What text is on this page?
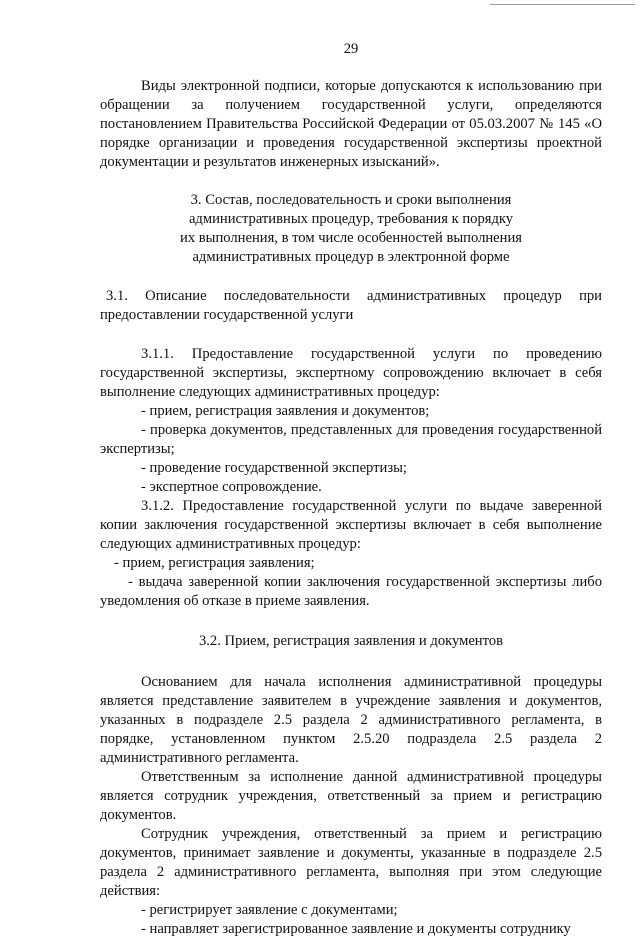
29

Виды электронной подписи, которые допускаются к использованию при обращении за получением государственной услуги, определяются постановлением Правительства Российской Федерации от 05.03.2007 № 145 «О порядке организации и проведения государственной экспертизы проектной документации и результатов инженерных изысканий».

3. Состав, последовательность и сроки выполнения
административных процедур, требования к порядку
их выполнения, в том числе особенностей выполнения
административных процедур в электронной форме

3.1. Описание последовательности административных процедур при предоставлении государственной услуги

3.1.1. Предоставление государственной услуги по проведению государственной экспертизы, экспертному сопровождению включает в себя выполнение следующих административных процедур:

- прием, регистрация заявления и документов;

- проверка документов, представленных для проведения государственной экспертизы;

- проведение государственной экспертизы;

- экспертное сопровождение.

3.1.2. Предоставление государственной услуги по выдаче заверенной копии заключения государственной экспертизы включает в себя выполнение следующих административных процедур:

- прием, регистрация заявления;

- выдача заверенной копии заключения государственной экспертизы либо уведомления об отказе в приеме заявления.

3.2. Прием, регистрация заявления и документов

Основанием для начала исполнения административной процедуры является представление заявителем в учреждение заявления и документов, указанных в подразделе 2.5 раздела 2 административного регламента, в порядке, установленном пунктом 2.5.20 подраздела 2.5 раздела 2 административного регламента.

Ответственным за исполнение данной административной процедуры является сотрудник учреждения, ответственный за прием и регистрацию документов.

Сотрудник учреждения, ответственный за прием и регистрацию документов, принимает заявление и документы, указанные в подразделе 2.5 раздела 2 административного регламента, выполняя при этом следующие действия:

- регистрирует заявление с документами;

- направляет зарегистрированное заявление и документы сотруднику
